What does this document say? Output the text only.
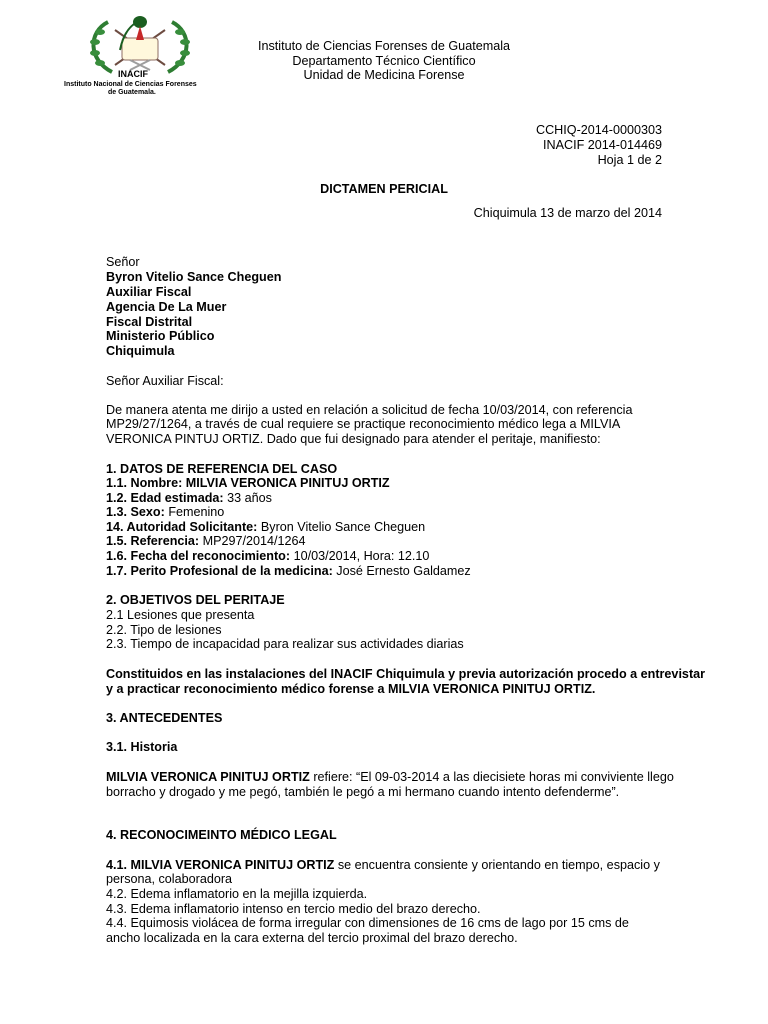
INACIF
Instituto Nacional de Ciencias Forenses
de Guatemala.
Instituto de Ciencias Forenses de Guatemala
Departamento Técnico Científico
Unidad de Medicina Forense
CCHIQ-2014-0000303
INACIF 2014-014469
Hoja 1 de 2
DICTAMEN PERICIAL
Chiquimula 13 de marzo del 2014
Señor
Byron Vitelio Sance Cheguen
Auxiliar Fiscal
Agencia De La Muer
Fiscal Distrital
Ministerio Público
Chiquimula
Señor Auxiliar Fiscal:
De manera atenta me dirijo a usted en relación a solicitud de fecha 10/03/2014, con referencia
MP29/27/1264, a través de cual requiere se practique reconocimiento médico lega a MILVIA
VERONICA PINTUJ ORTIZ. Dado que fui designado para atender el peritaje, manifiesto:
1. DATOS DE REFERENCIA DEL CASO
1.1. Nombre: MILVIA VERONICA PINITUJ ORTIZ
1.2. Edad estimada: 33 años
1.3. Sexo: Femenino
14. Autoridad Solicitante: Byron Vitelio Sance Cheguen
1.5. Referencia: MP297/2014/1264
1.6. Fecha del reconocimiento: 10/03/2014, Hora: 12.10
1.7. Perito Profesional de la medicina: José Ernesto Galdamez
2. OBJETIVOS DEL PERITAJE
2.1 Lesiones que presenta
2.2. Tipo de lesiones
2.3. Tiempo de incapacidad para realizar sus actividades diarias
Constituidos en las instalaciones del INACIF Chiquimula y previa autorización procedo a entrevistar
y a practicar reconocimiento médico forense a MILVIA VERONICA PINITUJ ORTIZ.
3. ANTECEDENTES
3.1. Historia
MILVIA VERONICA PINITUJ ORTIZ refiere: “El 09-03-2014 a las diecisiete horas mi conviviente llego
borracho y drogado y me pegó, también le pegó a mi hermano cuando intento defenderme”.
4. RECONOCIMEINTO MÉDICO LEGAL
4.1. MILVIA VERONICA PINITUJ ORTIZ se encuentra consiente y orientando en tiempo, espacio y
persona, colaboradora
4.2. Edema inflamatorio en la mejilla izquierda.
4.3. Edema inflamatorio intenso en tercio medio del brazo derecho.
4.4. Equimosis violácea de forma irregular con dimensiones de 16 cms de lago por 15 cms de
ancho localizada en la cara externa del tercio proximal del brazo derecho.
